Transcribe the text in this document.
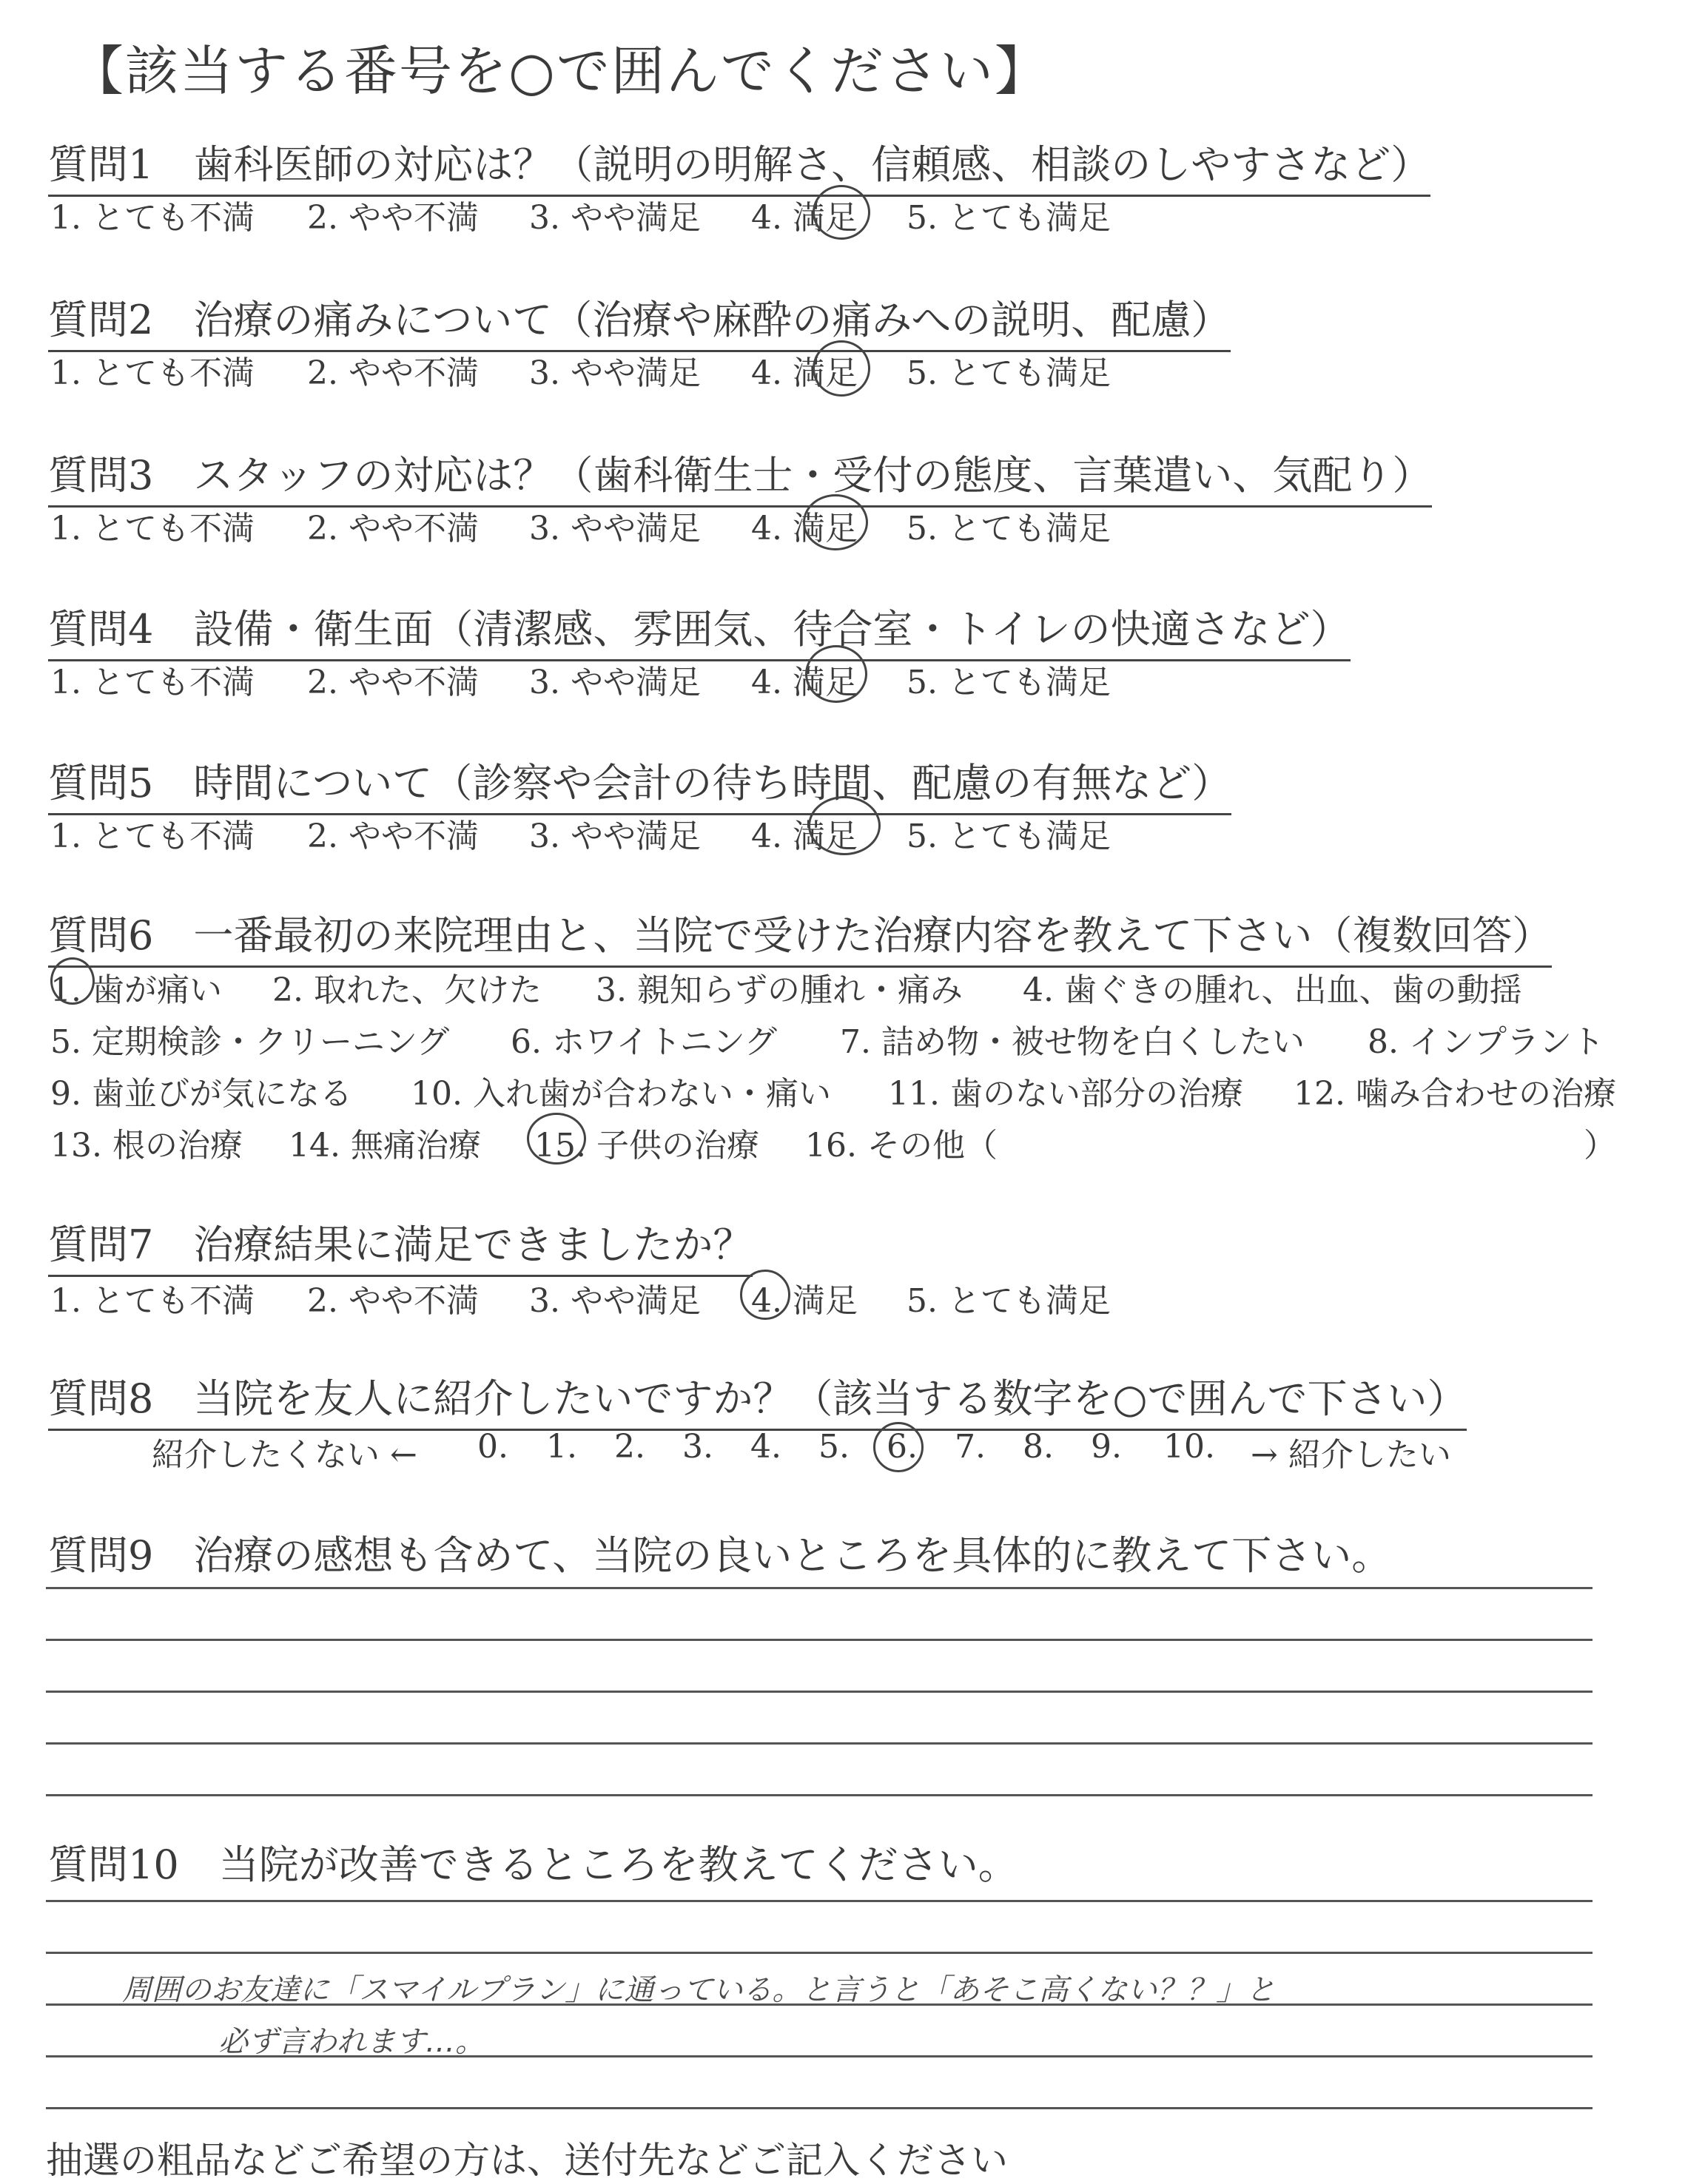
【該当する番号を○で囲んでください】
質問1　歯科医師の対応は？（説明の明解さ、信頼感、相談のしやすさなど）
1. とても不満 2. やや不満 3. やや満足 4. 満足 5. とても満足
質問2　治療の痛みについて（治療や麻酔の痛みへの説明、配慮）
1. とても不満 2. やや不満 3. やや満足 4. 満足 5. とても満足
質問3　スタッフの対応は？（歯科衛生士・受付の態度、言葉遣い、気配り）
1. とても不満 2. やや不満 3. やや満足 4. 満足 5. とても満足
質問4　設備・衛生面（清潔感、雰囲気、待合室・トイレの快適さなど）
1. とても不満 2. やや不満 3. やや満足 4. 満足 5. とても満足
質問5　時間について（診察や会計の待ち時間、配慮の有無など）
1. とても不満 2. やや不満 3. やや満足 4. 満足 5. とても満足
質問6　一番最初の来院理由と、当院で受けた治療内容を教えて下さい（複数回答）
1. 歯が痛い 2. 取れた、欠けた 3. 親知らずの腫れ・痛み 4. 歯ぐきの腫れ、出血、歯の動揺
5. 定期検診・クリーニング 6. ホワイトニング 7. 詰め物・被せ物を白くしたい 8. インプラント
9. 歯並びが気になる 10. 入れ歯が合わない・痛い 11. 歯のない部分の治療 12. 噛み合わせの治療
13. 根の治療 14. 無痛治療 15. 子供の治療 16. その他（	）
質問7　治療結果に満足できましたか？
1. とても不満 2. やや不満 3. やや満足 4. 満足 5. とても満足
質問8　当院を友人に紹介したいですか？（該当する数字を○で囲んで下さい）
紹介したくない ← 0. 1. 2. 3. 4. 5. 6. 7. 8. 9. 10. → 紹介したい
質問9　治療の感想も含めて、当院の良いところを具体的に教えて下さい。
質問10　当院が改善できるところを教えてください。
周囲のお友達に「スマイルプラン」に通っている。と言うと「あそこ高くない？？」と
必ず言われます…。
抽選の粗品などご希望の方は、送付先などご記入ください
